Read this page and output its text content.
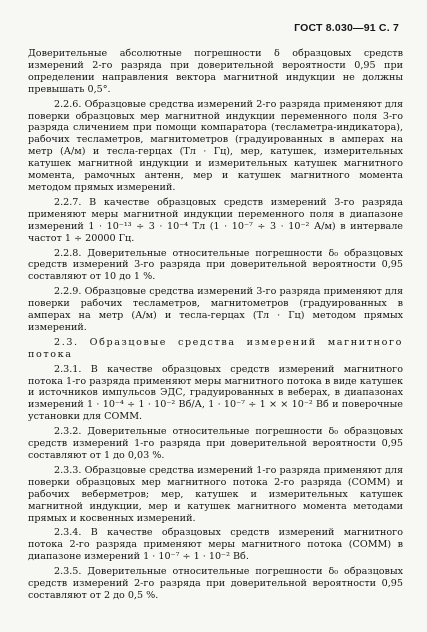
ГОСТ 8.030—91 С. 7

Доверительные абсолютные погрешности δ образцовых средств измерений 2-го разряда при доверительной вероятности 0,95 при определении направления вектора магнитной индукции не должны превышать 0,5°.

2.2.6. Образцовые средства измерений 2-го разряда применяют для поверки образцовых мер магнитной индукции переменного поля 3-го разряда сличением при помощи компаратора (тесламетра-индикатора), рабочих тесламетров, магнитометров (градуированных в амперах на метр (А/м) и тесла-герцах (Тл · Гц), мер, катушек, измерительных катушек магнитной индукции и измерительных катушек магнитного момента, рамочных антенн, мер и катушек магнитного момента методом прямых измерений.

2.2.7. В качестве образцовых средств измерений 3-го разряда применяют меры магнитной индукции переменного поля в диапазоне измерений 1 · 10⁻¹³ ÷ 3 · 10⁻⁴ Тл (1 · 10⁻⁷ ÷ 3 · 10⁻² А/м) в интервале частот 1 ÷ 20000 Гц.

2.2.8. Доверительные относительные погрешности δ₀ образцовых средств измерений 3-го разряда при доверительной вероятности 0,95 составляют от 10 до 1 %.

2.2.9. Образцовые средства измерений 3-го разряда применяют для поверки рабочих тесламетров, магнитометров (градуированных в амперах на метр (А/м) и тесла-герцах (Тл · Гц) методом прямых измерений.

2.3. Образцовые средства измерений магнитного потока

2.3.1. В качестве образцовых средств измерений магнитного потока 1-го разряда применяют меры магнитного потока в виде катушек и источников импульсов ЭДС, градуированных в веберах, в диапазонах измерений 1 · 10⁻⁴ ÷ 1 · 10⁻² Вб/А, 1 · 10⁻⁷ ÷ 1 × × 10⁻² Вб и поверочные установки для СОММ.

2.3.2. Доверительные относительные погрешности δ₀ образцовых средств измерений 1-го разряда при доверительной вероятности 0,95 составляют от 1 до 0,03 %.

2.3.3. Образцовые средства измерений 1-го разряда применяют для поверки образцовых мер магнитного потока 2-го разряда (СОММ) и рабочих веберметров; мер, катушек и измерительных катушек магнитной индукции, мер и катушек магнитного момента методами прямых и косвенных измерений.

2.3.4. В качестве образцовых средств измерений магнитного потока 2-го разряда применяют меры магнитного потока (СОММ) в диапазоне измерений 1 · 10⁻⁷ ÷ 1 · 10⁻² Вб.

2.3.5. Доверительные относительные погрешности δ₀ образцовых средств измерений 2-го разряда при доверительной вероятности 0,95 составляют от 2 до 0,5 %.
